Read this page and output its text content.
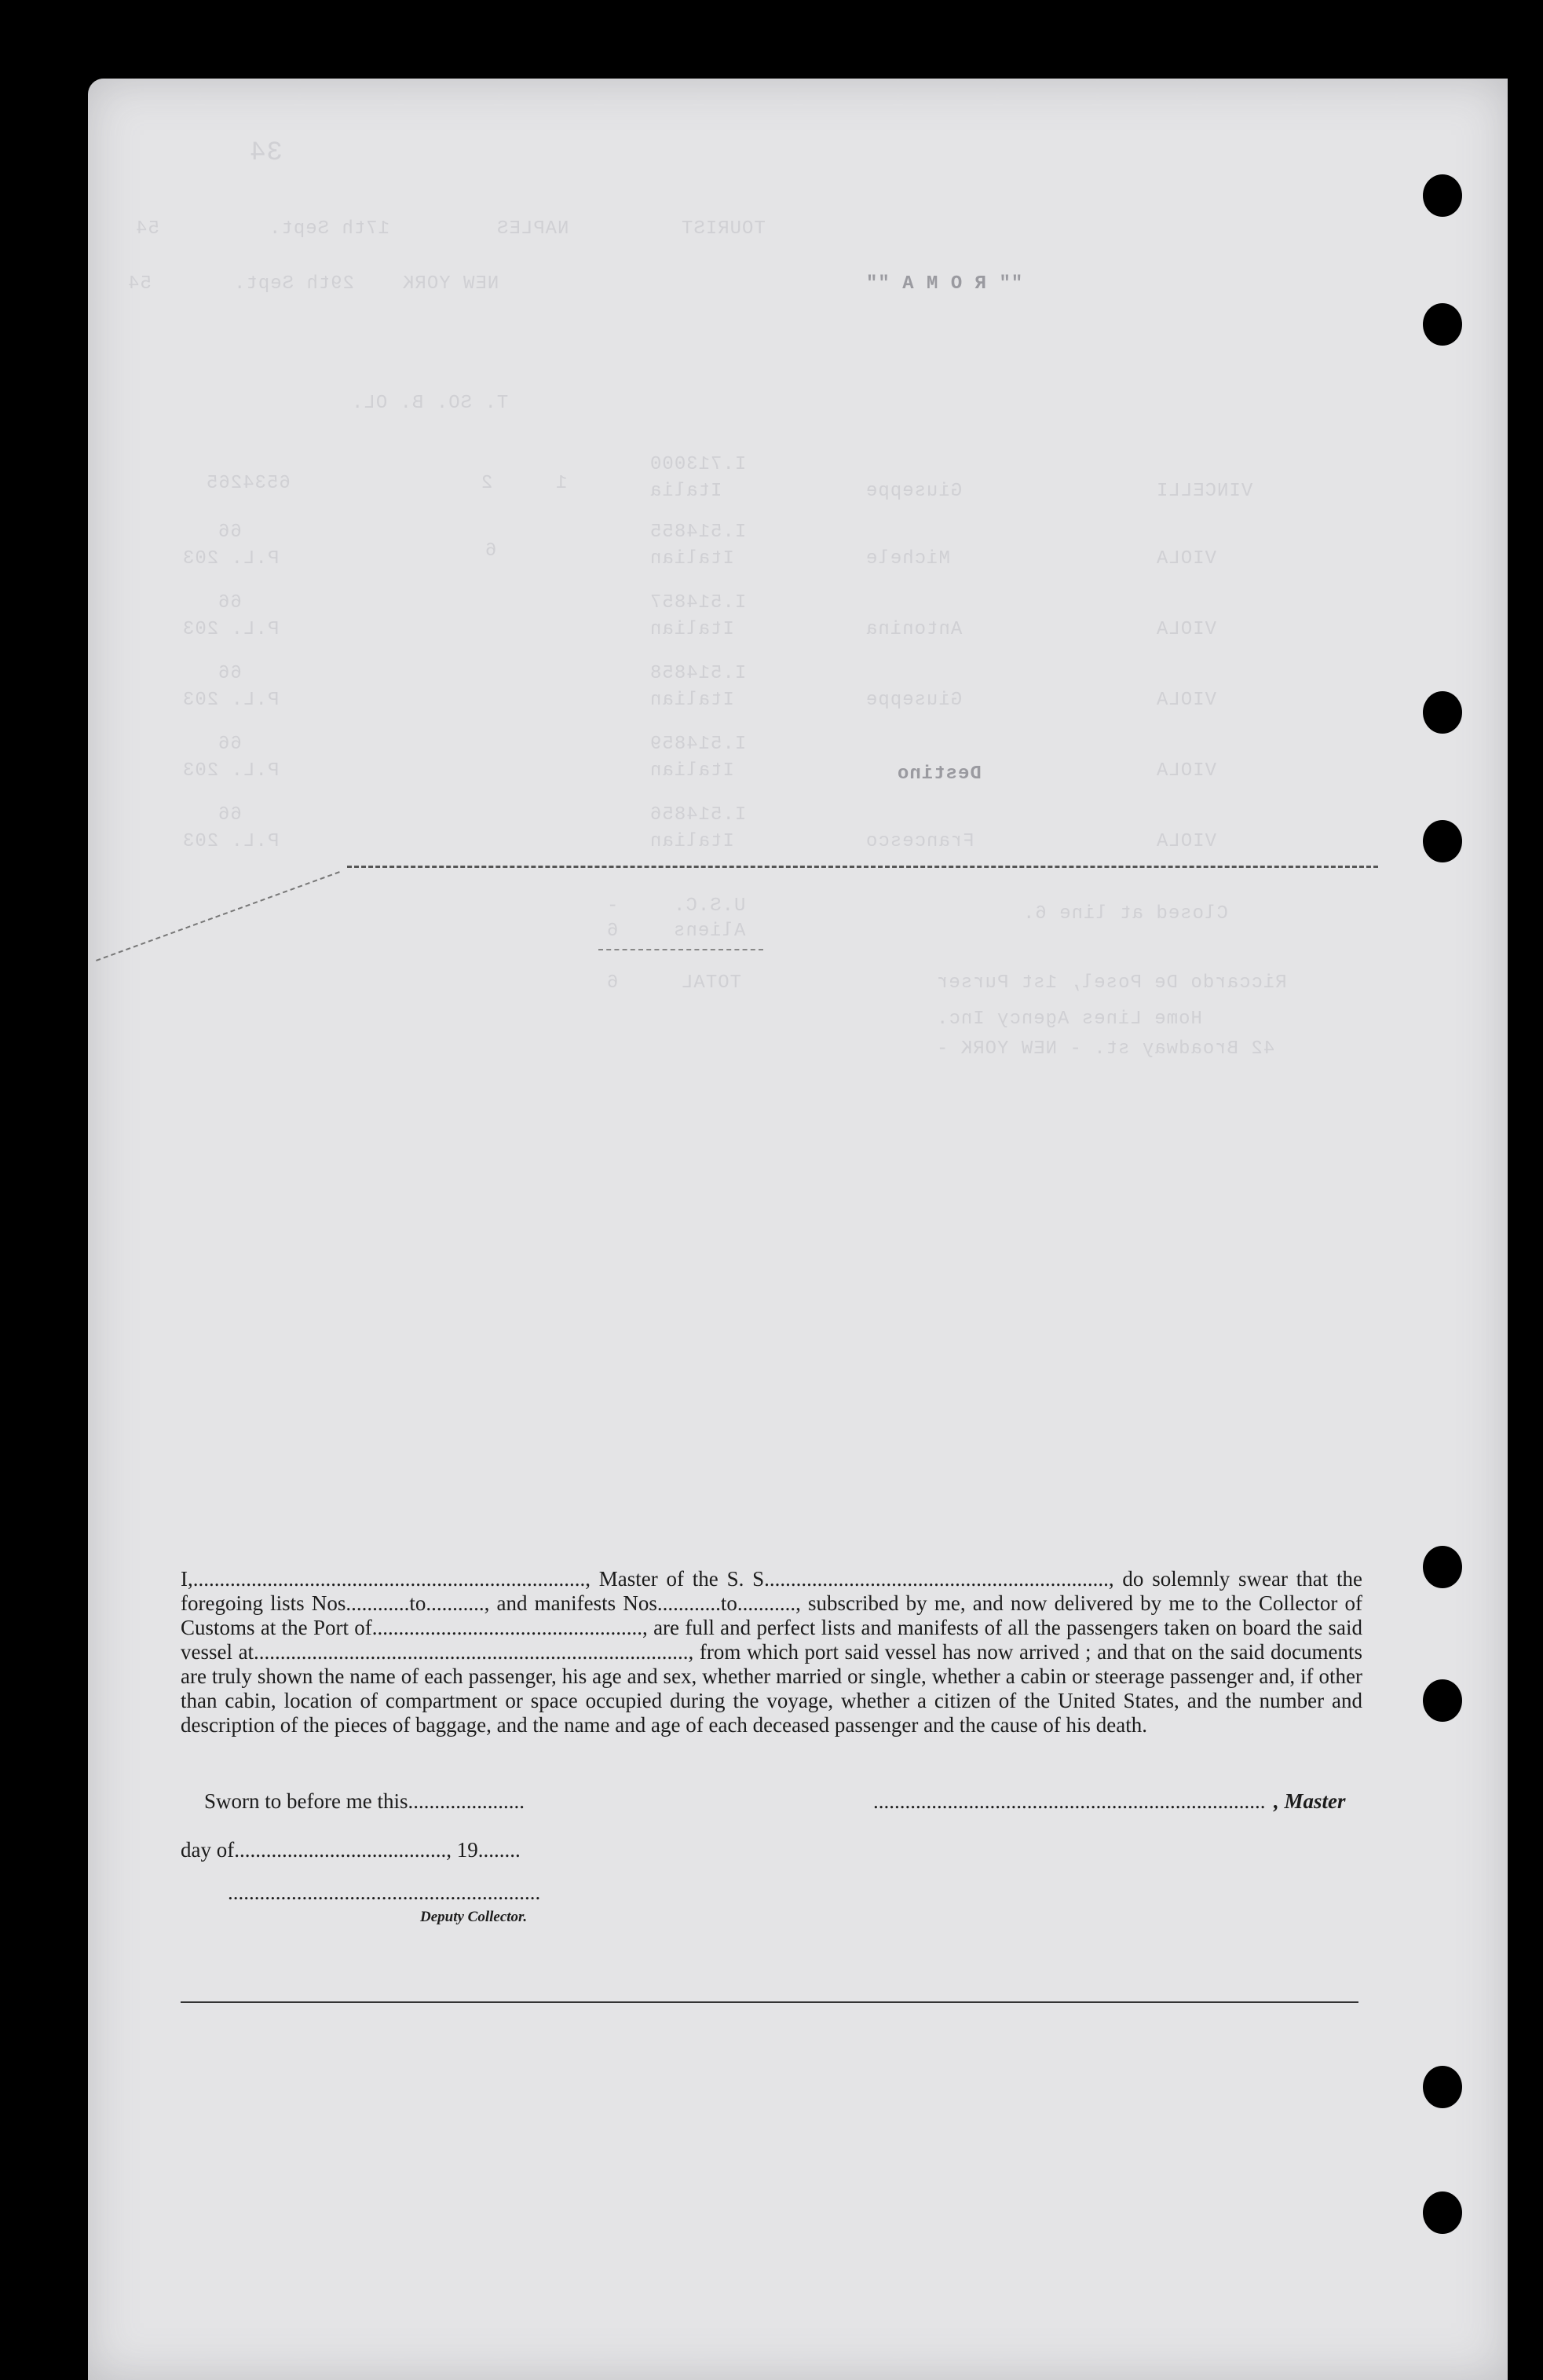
34
TOURIST
NAPLES
17th Sept.
54
"" R O M A ""
NEW YORK
29th Sept.
54
T. SO. B. OL.
VINCELLI
Giuseppe
I.713000
Italia
1
2
6534265
VIOLA
Michele
I.514855
Italian
6
66
P.L. 203
VIOLA
Antonina
I.514857
Italian
66
P.L. 203
VIOLA
Giuseppe
I.514858
Italian
66
P.L. 203
VIOLA
Destino
I.514859
Italian
66
P.L. 203
VIOLA
Francesco
I.514856
Italian
66
P.L. 203
Closed at line 6.
U.S.C.
-
Aliens
6
TOTAL
6	Riccardo De Posel, 1st Purser
Home Lines Agency Inc.
42 Broadway st. - NEW YORK -
I,.........................................................................., Master of the S. S................................................................., do solemnly swear that the foregoing lists Nos............to..........., and manifests Nos............to..........., subscribed by me, and now delivered by me to the Collector of Customs at the Port of..................................................., are full and perfect lists and manifests of all the passengers taken on board the said vessel at.................................................................................., from which port said vessel has now arrived ; and that on the said documents are truly shown the name of each passenger, his age and sex, whether married or single, whether a cabin or steerage passenger and, if other than cabin, location of compartment or space occupied during the voyage, whether a citizen of the United States, and the number and description of the pieces of baggage, and the name and age of each deceased passenger and the cause of his death.
Sworn to before me this......................	.......................................................................... , Master
day of........................................, 19........
...........................................................
Deputy Collector.
